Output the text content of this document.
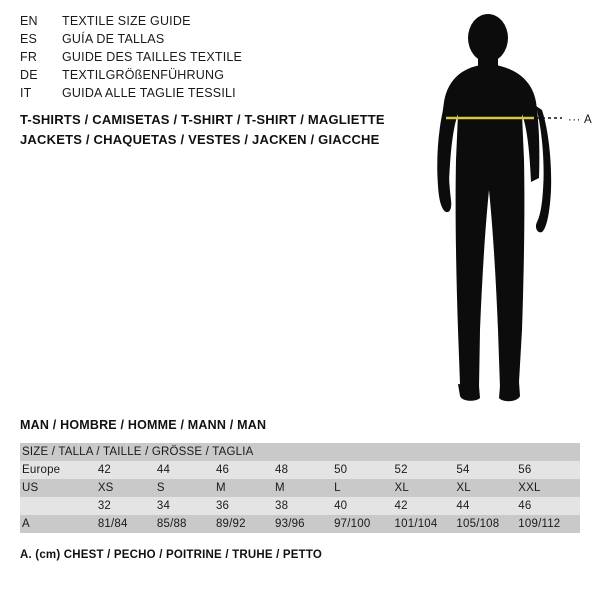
EN	TEXTILE SIZE GUIDE
ES	GUÍA DE TALLAS
FR	GUIDE DES TAILLES TEXTILE
DE	TEXTILGRÖßENFÜHRUNG
IT	GUIDA ALLE TAGLIE TESSILI
T-SHIRTS / CAMISETAS / T-SHIRT / T-SHIRT / MAGLIETTE
JACKETS / CHAQUETAS / VESTES / JACKEN / GIACCHE
··· A
MAN / HOMBRE / HOMME / MANN / MAN
SIZE / TALLA / TAILLE / GRÖSSE / TAGLIA								
Europe	42	44	46	48	50	52	54	56
US	XS	S	M	M	L	XL	XL	XXL
	32	34	36	38	40	42	44	46
A	81/84	85/88	89/92	93/96	97/100	101/104	105/108	109/112
A. (cm) CHEST / PECHO / POITRINE / TRUHE / PETTO
